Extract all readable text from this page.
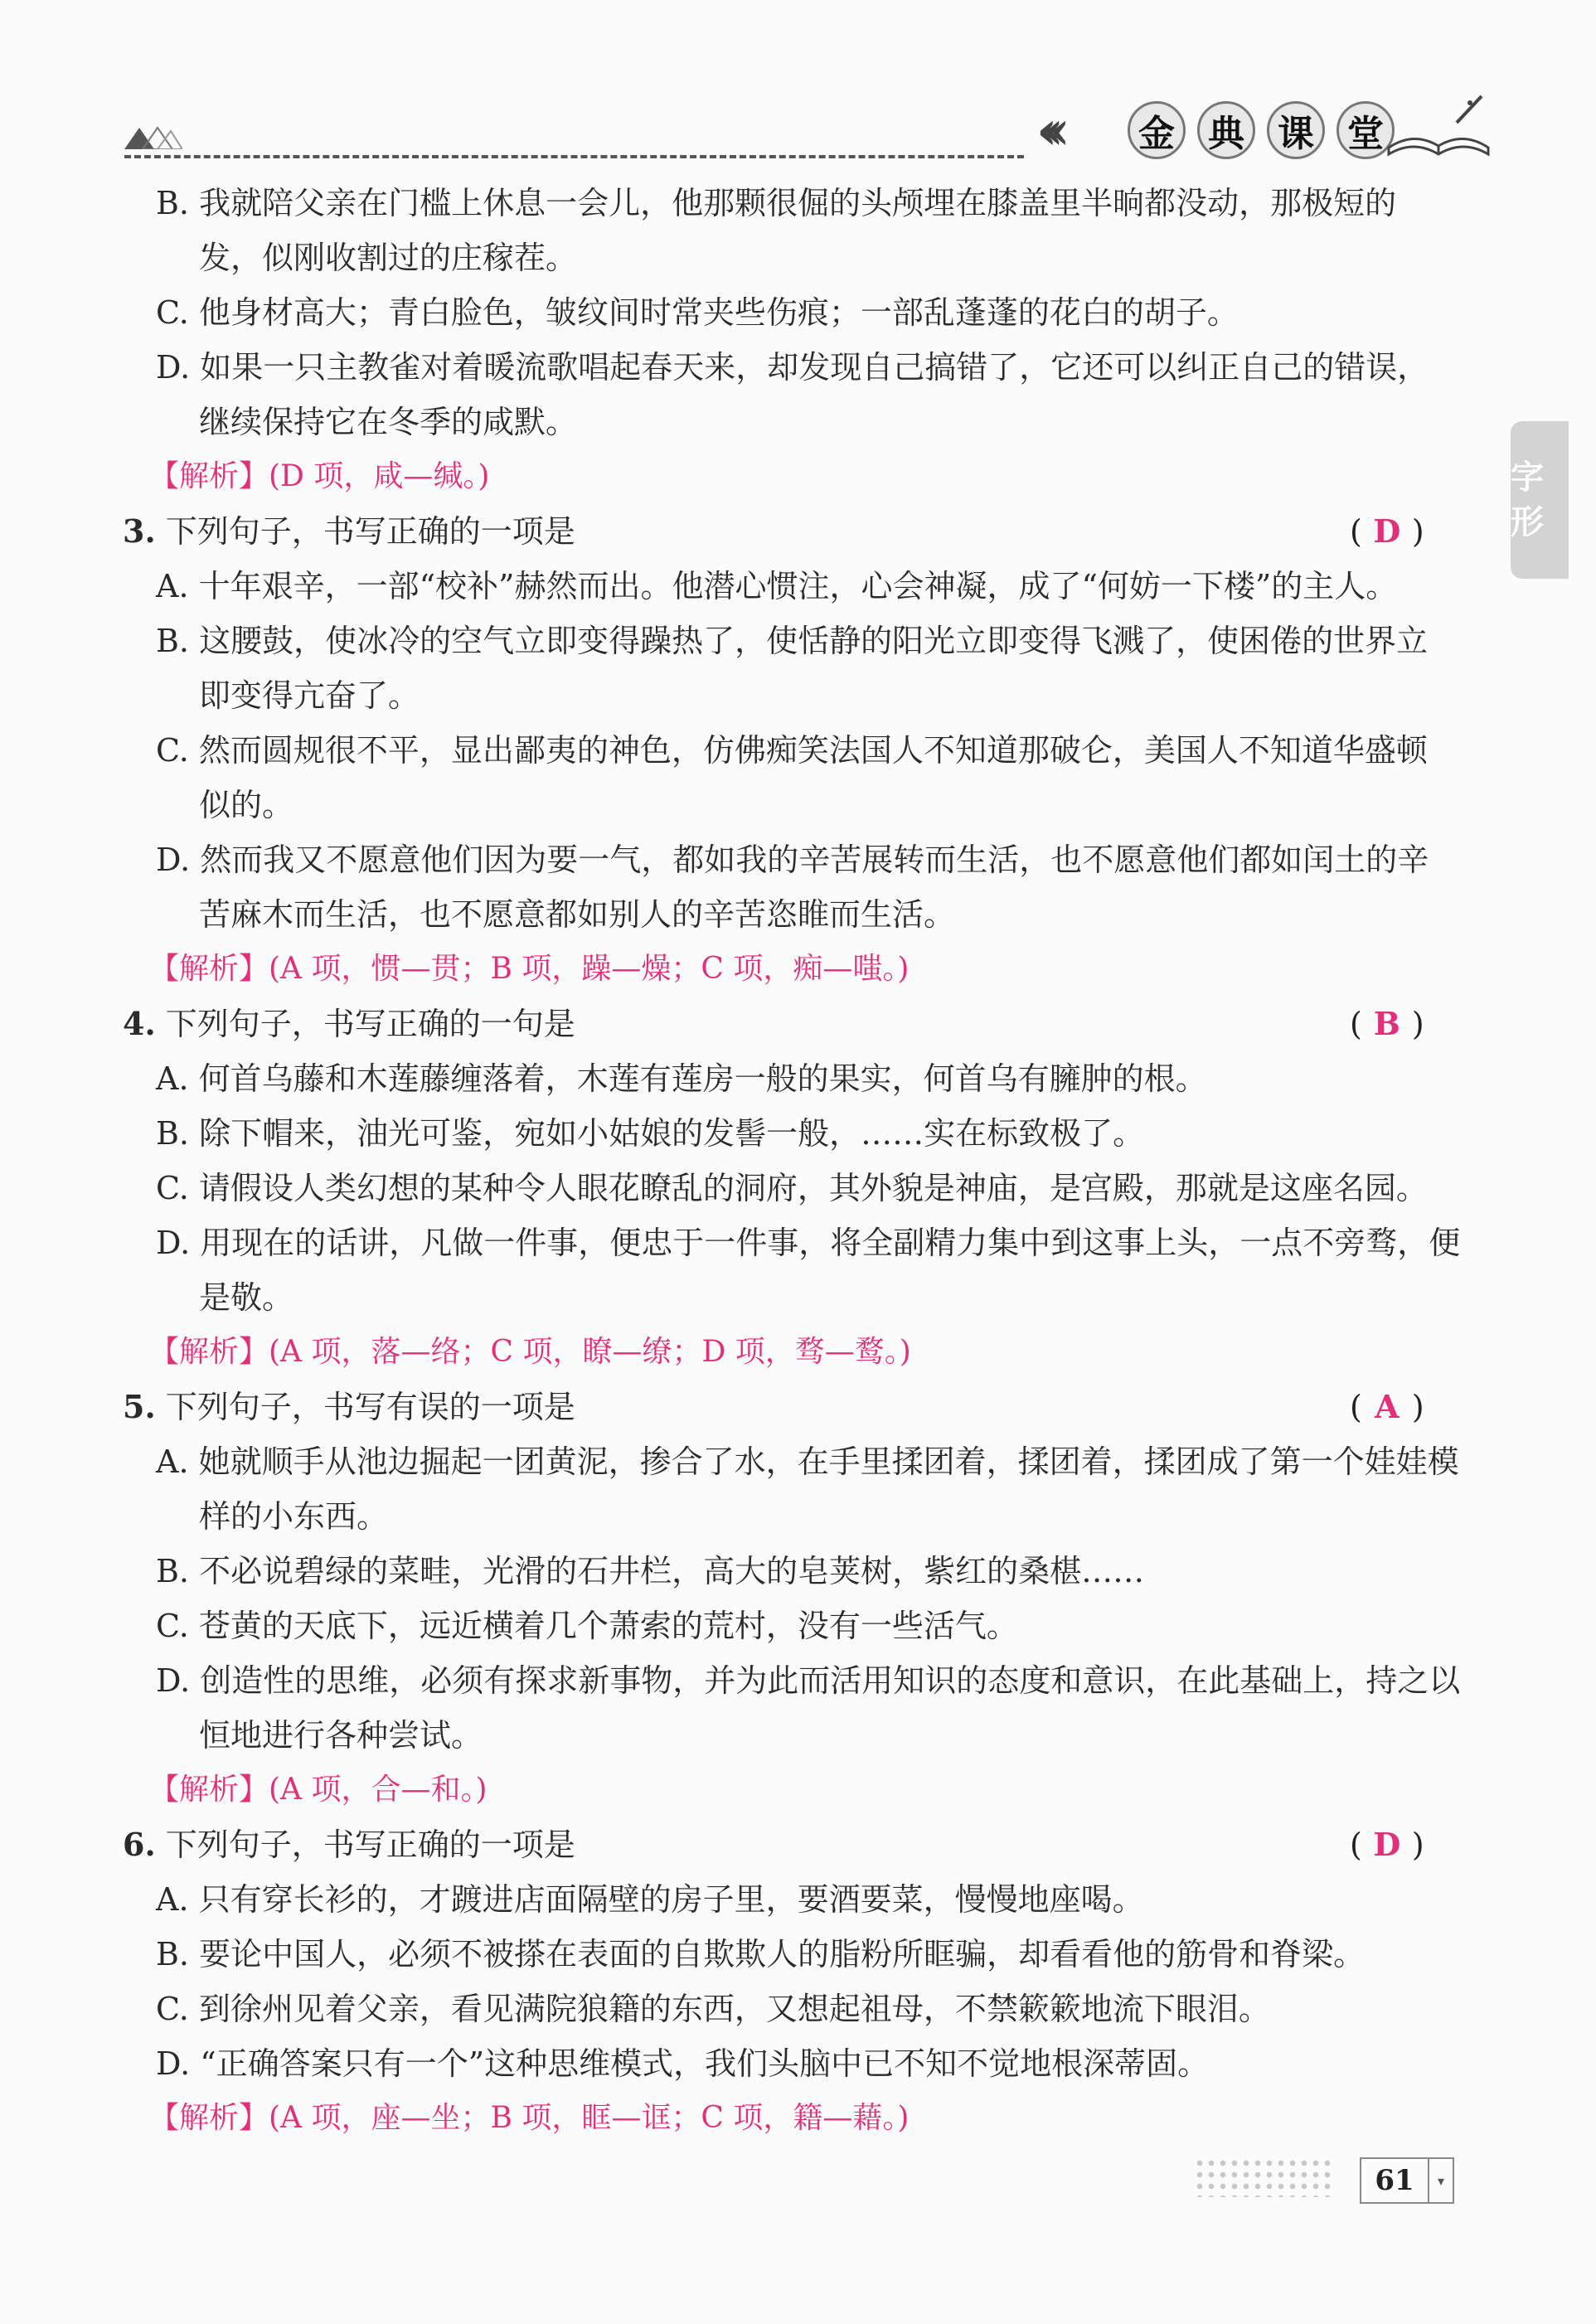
‹‹‹ 金 典 课 堂
字形
B. 我就陪父亲在门槛上休息一会儿，他那颗很倔的头颅埋在膝盖里半晌都没动，那极短的
发，似刚收割过的庄稼茬。
C. 他身材高大；青白脸色，皱纹间时常夹些伤痕；一部乱蓬蓬的花白的胡子。
D. 如果一只主教雀对着暖流歌唱起春天来，却发现自己搞错了，它还可以纠正自己的错误，
继续保持它在冬季的咸默。
【解析】(D 项，咸—缄。)
3. 下列句子，书写正确的一项是	( D )
A. 十年艰辛，一部“校补”赫然而出。他潜心惯注，心会神凝，成了“何妨一下楼”的主人。
B. 这腰鼓，使冰冷的空气立即变得躁热了，使恬静的阳光立即变得飞溅了，使困倦的世界立
即变得亢奋了。
C. 然而圆规很不平，显出鄙夷的神色，仿佛痴笑法国人不知道那破仑，美国人不知道华盛顿
似的。
D. 然而我又不愿意他们因为要一气，都如我的辛苦展转而生活，也不愿意他们都如闰土的辛
苦麻木而生活，也不愿意都如别人的辛苦恣睢而生活。
【解析】(A 项，惯—贯；B 项，躁—燥；C 项，痴—嗤。)
4. 下列句子，书写正确的一句是	( B )
A. 何首乌藤和木莲藤缠落着，木莲有莲房一般的果实，何首乌有臃肿的根。
B. 除下帽来，油光可鉴，宛如小姑娘的发髻一般，……实在标致极了。
C. 请假设人类幻想的某种令人眼花瞭乱的洞府，其外貌是神庙，是宫殿，那就是这座名园。
D. 用现在的话讲，凡做一件事，便忠于一件事，将全副精力集中到这事上头，一点不旁骛，便
是敬。
【解析】(A 项，落—络；C 项，瞭—缭；D 项，骛—鹜。)
5. 下列句子，书写有误的一项是	( A )
A. 她就顺手从池边掘起一团黄泥，掺合了水，在手里揉团着，揉团着，揉团成了第一个娃娃模
样的小东西。
B. 不必说碧绿的菜畦，光滑的石井栏，高大的皂荚树，紫红的桑椹……
C. 苍黄的天底下，远近横着几个萧索的荒村，没有一些活气。
D. 创造性的思维，必须有探求新事物，并为此而活用知识的态度和意识，在此基础上，持之以
恒地进行各种尝试。
【解析】(A 项，合—和。)
6. 下列句子，书写正确的一项是	( D )
A. 只有穿长衫的，才踱进店面隔壁的房子里，要酒要菜，慢慢地座喝。
B. 要论中国人，必须不被搽在表面的自欺欺人的脂粉所眶骗，却看看他的筋骨和脊梁。
C. 到徐州见着父亲，看见满院狼籍的东西，又想起祖母，不禁簌簌地流下眼泪。
D. “正确答案只有一个”这种思维模式，我们头脑中已不知不觉地根深蒂固。
【解析】(A 项，座—坐；B 项，眶—诓；C 项，籍—藉。)
61	▾
